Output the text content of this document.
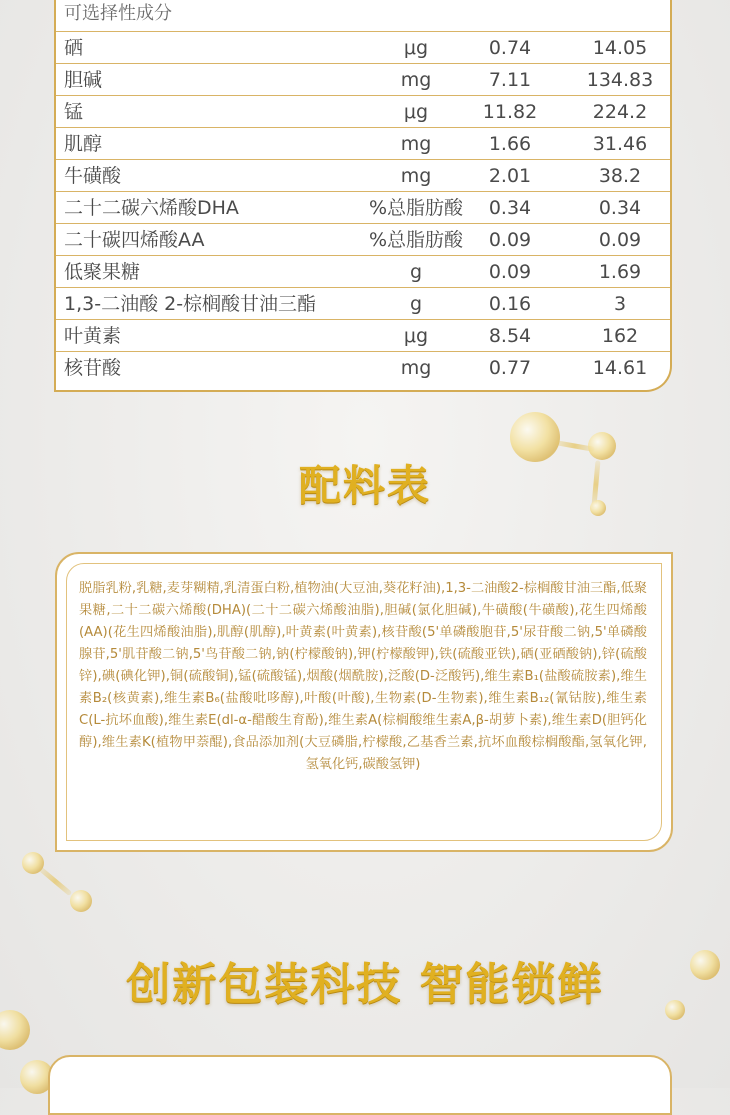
可选择性成分
硒	μg	0.74	14.05
胆碱	mg	7.11	134.83
锰	μg	11.82	224.2
肌醇	mg	1.66	31.46
牛磺酸	mg	2.01	38.2
二十二碳六烯酸DHA	%总脂肪酸	0.34	0.34
二十碳四烯酸AA	%总脂肪酸	0.09	0.09
低聚果糖	g	0.09	1.69
1,3-二油酸 2-棕榈酸甘油三酯	g	0.16	3
叶黄素	μg	8.54	162
核苷酸	mg	0.77	14.61
配料表
脱脂乳粉,乳糖,麦芽糊精,乳清蛋白粉,植物油(大豆油,葵花籽油),1,3-二油酸2-棕榈酸甘油三酯,低聚果糖,二十二碳六烯酸(DHA)(二十二碳六烯酸油脂),胆碱(氯化胆碱),牛磺酸(牛磺酸),花生四烯酸(AA)(花生四烯酸油脂),肌醇(肌醇),叶黄素(叶黄素),核苷酸(5'单磷酸胞苷,5'尿苷酸二钠,5'单磷酸腺苷,5'肌苷酸二钠,5'鸟苷酸二钠,钠(柠檬酸钠),钾(柠檬酸钾),铁(硫酸亚铁),硒(亚硒酸钠),锌(硫酸锌),碘(碘化钾),铜(硫酸铜),锰(硫酸锰),烟酸(烟酰胺),泛酸(D-泛酸钙),维生素B₁(盐酸硫胺素),维生素B₂(核黄素),维生素B₆(盐酸吡哆醇),叶酸(叶酸),生物素(D-生物素),维生素B₁₂(氰钴胺),维生素C(L-抗坏血酸),维生素E(dl-α-醋酸生育酚),维生素A(棕榈酸维生素A,β-胡萝卜素),维生素D(胆钙化醇),维生素K(植物甲萘醌),食品添加剂(大豆磷脂,柠檬酸,乙基香兰素,抗坏血酸棕榈酸酯,氢氧化钾,氢氧化钙,碳酸氢钾)
创新包装科技 智能锁鲜
